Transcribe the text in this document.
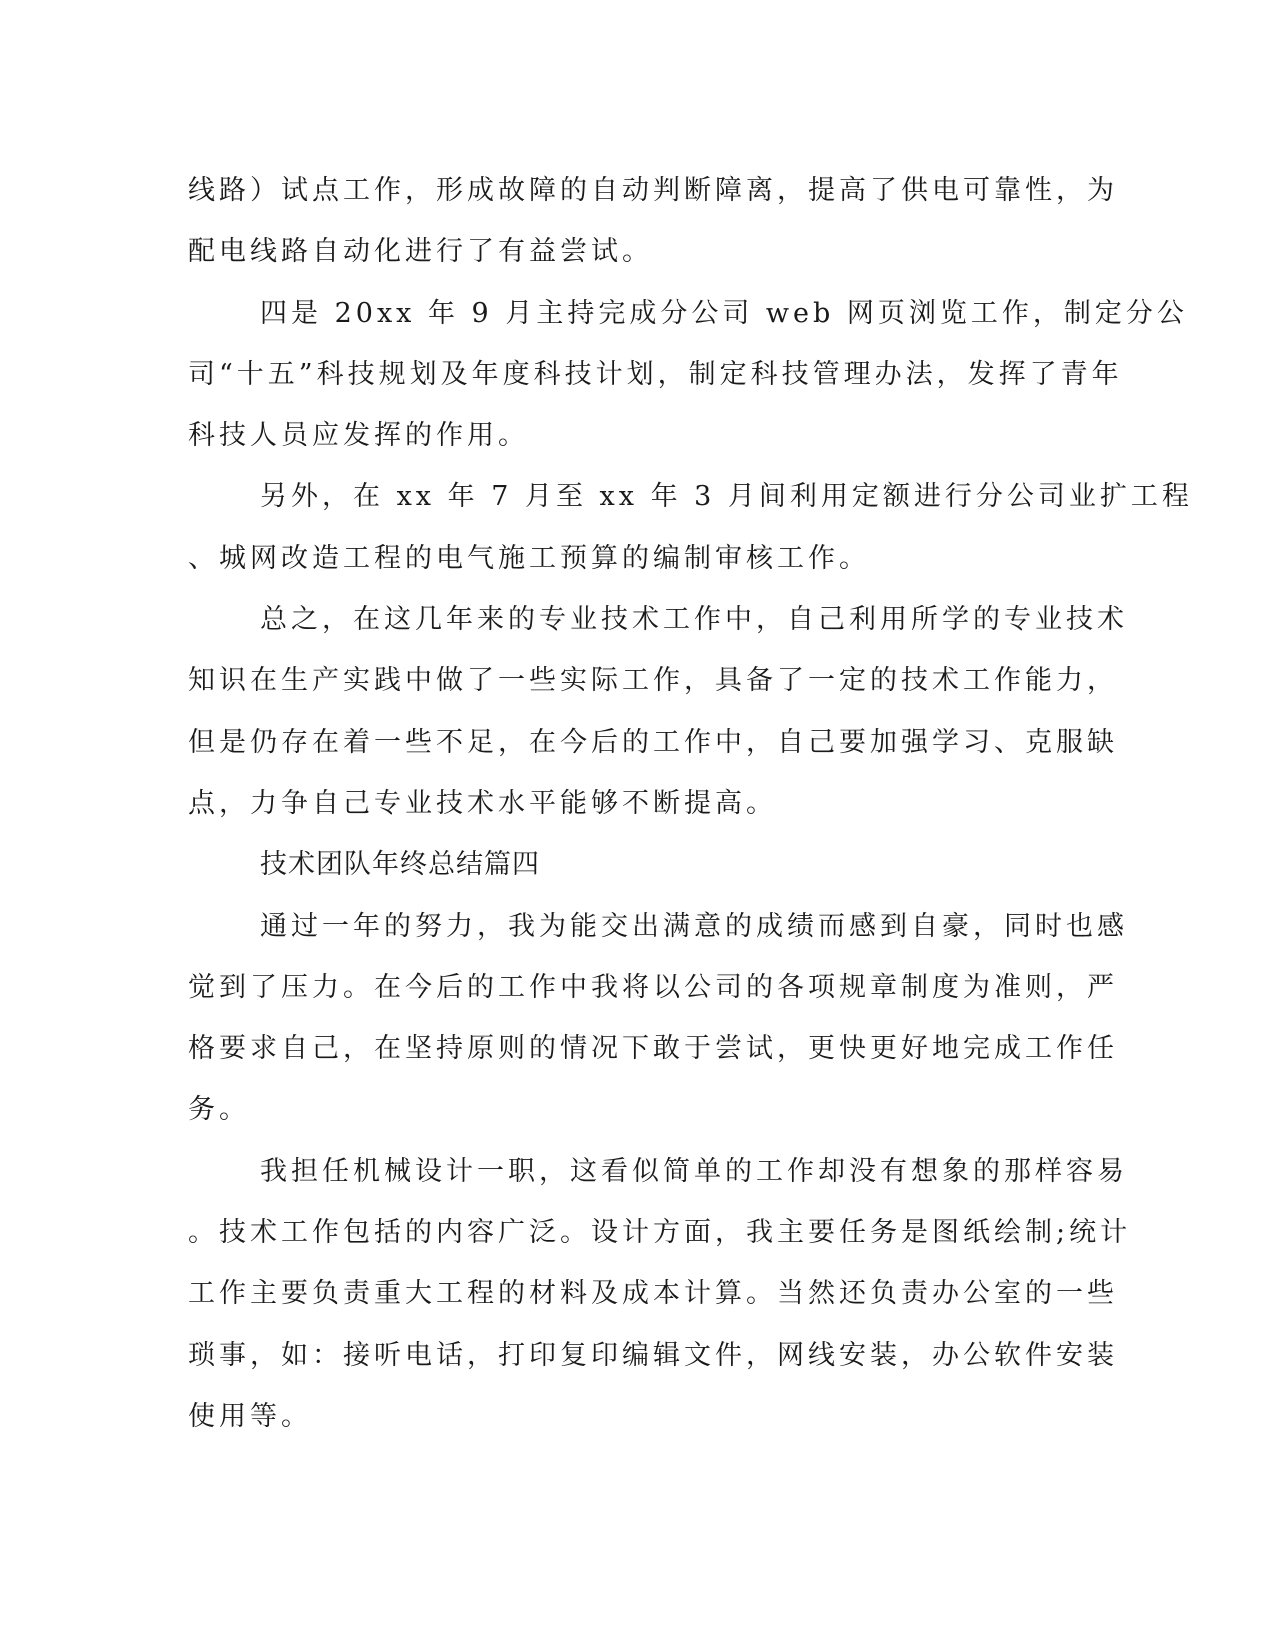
线路）试点工作，形成故障的自动判断障离，提高了供电可靠性，为

配电线路自动化进行了有益尝试。

四是 20xx 年 9 月主持完成分公司 web 网页浏览工作，制定分公

司“十五”科技规划及年度科技计划，制定科技管理办法，发挥了青年

科技人员应发挥的作用。

另外，在 xx 年 7 月至 xx 年 3 月间利用定额进行分公司业扩工程

、城网改造工程的电气施工预算的编制审核工作。

总之，在这几年来的专业技术工作中，自己利用所学的专业技术

知识在生产实践中做了一些实际工作，具备了一定的技术工作能力，

但是仍存在着一些不足，在今后的工作中，自己要加强学习、克服缺

点，力争自己专业技术水平能够不断提高。

技术团队年终总结篇四

通过一年的努力，我为能交出满意的成绩而感到自豪，同时也感

觉到了压力。在今后的工作中我将以公司的各项规章制度为准则，严

格要求自己，在坚持原则的情况下敢于尝试，更快更好地完成工作任

务。

我担任机械设计一职，这看似简单的工作却没有想象的那样容易

。技术工作包括的内容广泛。设计方面，我主要任务是图纸绘制;统计

工作主要负责重大工程的材料及成本计算。当然还负责办公室的一些

琐事，如：接听电话，打印复印编辑文件，网线安装，办公软件安装

使用等。
